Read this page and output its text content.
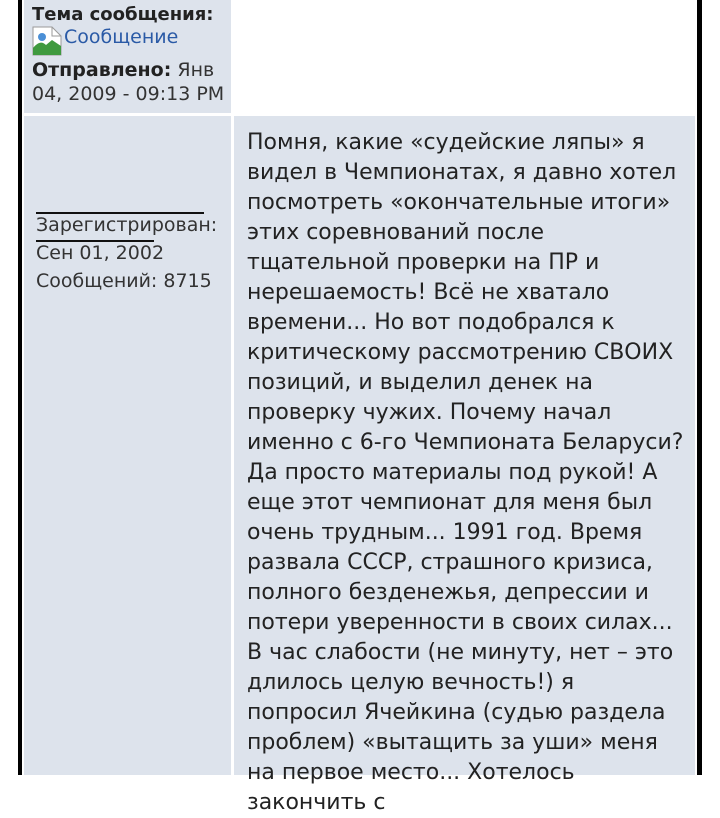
Тема сообщения:
Сообщение
Отправлено: Янв 04, 2009 - 09:13 PM
Зарегистрирован:
Сен 01, 2002
Сообщений: 8715
Помня, какие «судейские ляпы» я видел в Чемпионатах, я давно хотел посмотреть «окончательные итоги» этих соревнований после тщательной проверки на ПР и нерешаемость! Всё не хватало времени... Но вот подобрался к критическому рассмотрению СВОИХ позиций, и выделил денек на проверку чужих. Почему начал именно с 6-го Чемпионата Беларуси? Да просто материалы под рукой! А еще этот чемпионат для меня был очень трудным... 1991 год. Время развала СССР, страшного кризиса, полного безденежья, депрессии и потери уверенности в своих силах... В час слабости (не минуту, нет – это длилось целую вечность!) я попросил Ячейкина (судью раздела проблем) «вытащить за уши» меня на первое место... Хотелось закончить с
